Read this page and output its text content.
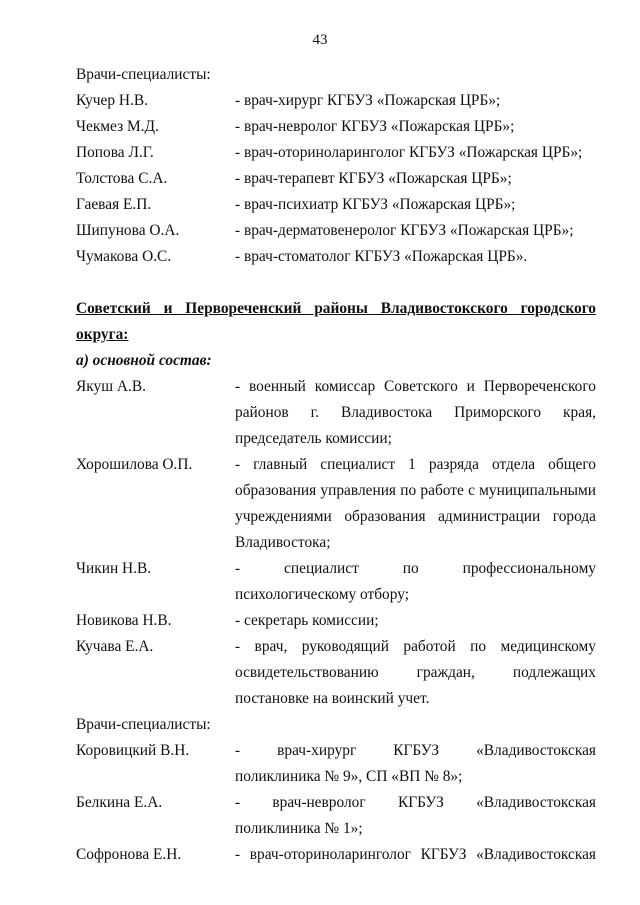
43
Врачи-специалисты:
Кучер Н.В.	- врач-хирург КГБУЗ «Пожарская ЦРБ»;
Чекмез М.Д.	- врач-невролог КГБУЗ «Пожарская ЦРБ»;
Попова Л.Г.	- врач-оториноларинголог КГБУЗ «Пожарская ЦРБ»;
Толстова С.А.	- врач-терапевт КГБУЗ «Пожарская ЦРБ»;
Гаевая Е.П.	- врач-психиатр КГБУЗ «Пожарская ЦРБ»;
Шипунова О.А.	- врач-дерматовенеролог КГБУЗ «Пожарская ЦРБ»;
Чумакова О.С.	- врач-стоматолог КГБУЗ «Пожарская ЦРБ».
Советский и Первореченский районы Владивостокского городского
округа:
а) основной состав:
Якуш А.В.	- военный комиссар Советского и Первореченского
районов г. Владивостока Приморского края,
председатель комиссии;
Хорошилова О.П.	- главный специалист 1 разряда отдела общего
образования управления по работе с муниципальными
учреждениями образования администрации города
Владивостока;
Чикин Н.В.	- специалист по профессиональному
психологическому отбору;
Новикова Н.В.	- секретарь комиссии;
Кучава Е.А.	- врач, руководящий работой по медицинскому
освидетельствованию граждан, подлежащих
постановке на воинский учет.
Врачи-специалисты:
Коровицкий В.Н.	- врач-хирург КГБУЗ «Владивостокская
поликлиника № 9», СП «ВП № 8»;
Белкина Е.А.	- врач-невролог КГБУЗ «Владивостокская
поликлиника № 1»;
Софронова Е.Н.	- врач-оториноларинголог КГБУЗ «Владивостокская
